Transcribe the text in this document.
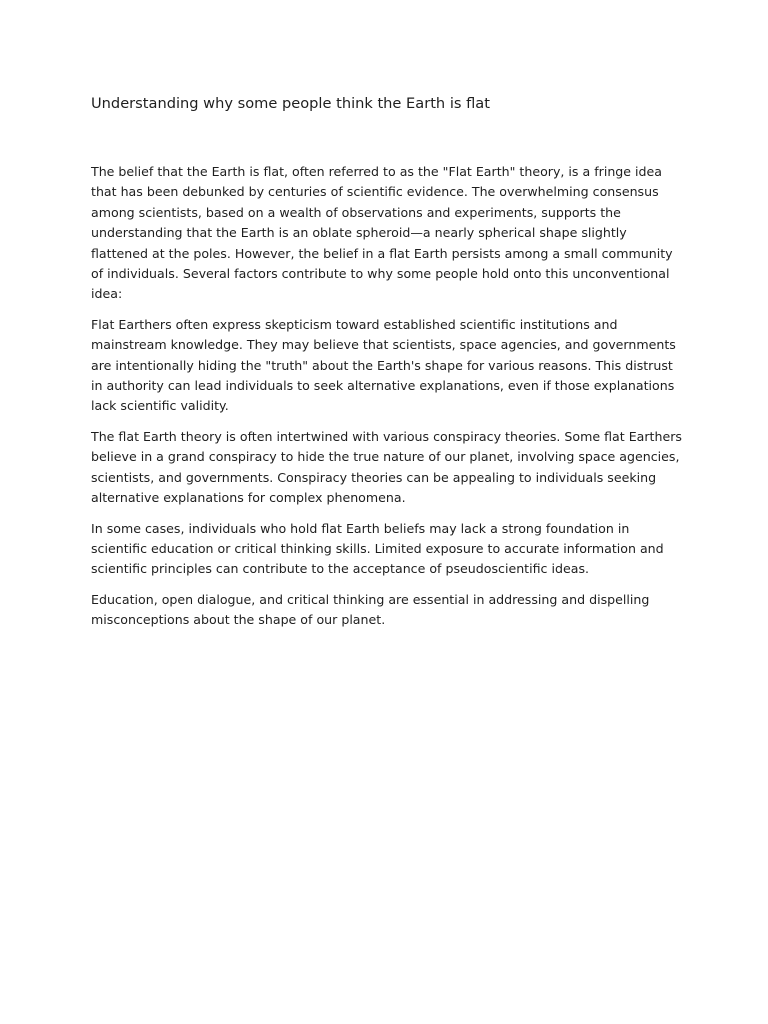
Understanding why some people think the Earth is flat

The belief that the Earth is flat, often referred to as the "Flat Earth" theory, is a fringe idea that has been debunked by centuries of scientific evidence. The overwhelming consensus among scientists, based on a wealth of observations and experiments, supports the understanding that the Earth is an oblate spheroid—a nearly spherical shape slightly flattened at the poles. However, the belief in a flat Earth persists among a small community of individuals. Several factors contribute to why some people hold onto this unconventional idea:

Flat Earthers often express skepticism toward established scientific institutions and mainstream knowledge. They may believe that scientists, space agencies, and governments are intentionally hiding the "truth" about the Earth's shape for various reasons. This distrust in authority can lead individuals to seek alternative explanations, even if those explanations lack scientific validity.

The flat Earth theory is often intertwined with various conspiracy theories. Some flat Earthers believe in a grand conspiracy to hide the true nature of our planet, involving space agencies, scientists, and governments. Conspiracy theories can be appealing to individuals seeking alternative explanations for complex phenomena.

In some cases, individuals who hold flat Earth beliefs may lack a strong foundation in scientific education or critical thinking skills. Limited exposure to accurate information and scientific principles can contribute to the acceptance of pseudoscientific ideas.

Education, open dialogue, and critical thinking are essential in addressing and dispelling misconceptions about the shape of our planet.
